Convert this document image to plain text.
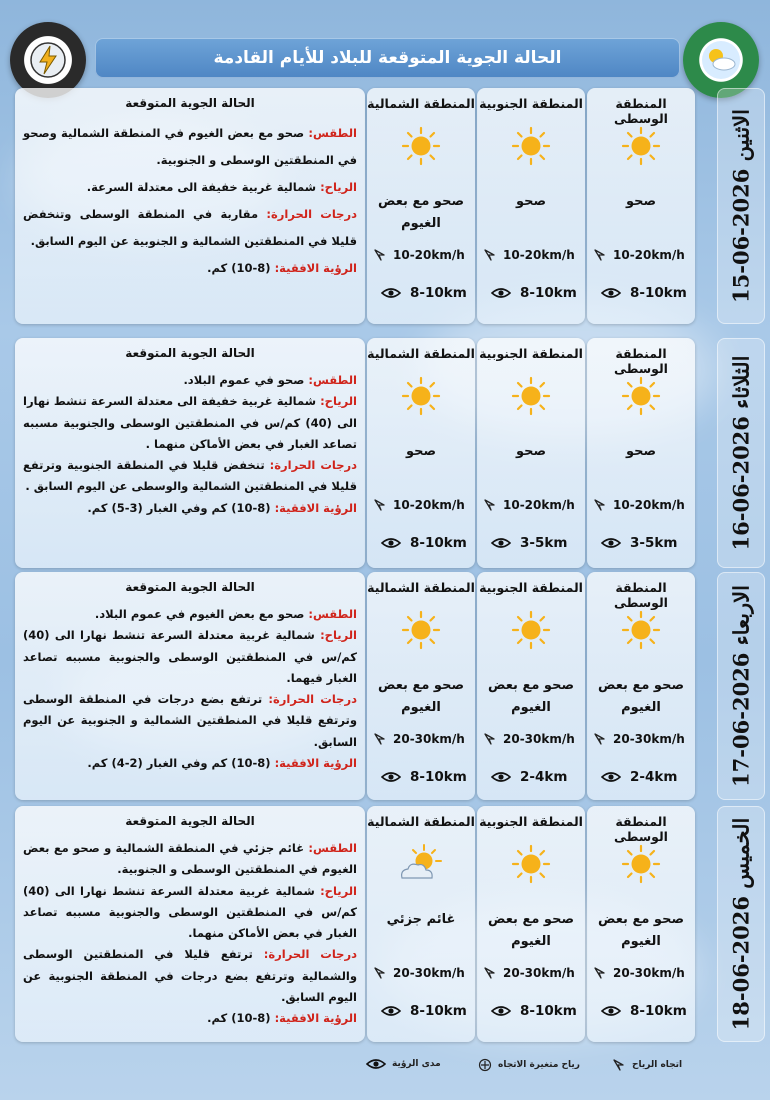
الحالة الجوية المتوقعة للبلاد للأيام القادمة
الحالة الجوية المتوقعة

الطقس: صحو مع بعض الغيوم في المنطقة الشمالية وصحو في المنطقتين الوسطى و الجنوبية.

الرياح: شمالية غربية خفيفة الى معتدلة السرعة.

درجات الحرارة: مقاربة في المنطقة الوسطى وتنخفض قليلا في المنطقتين الشمالية و الجنوبية عن اليوم السابق.

الرؤية الافقية: (8-10) كم.

المنطقة الوسطى
صحو
10-20km/h
8-10km
المنطقة الجنوبية
صحو
10-20km/h
8-10km
المنطقة الشمالية
صحو مع بعض الغيوم
10-20km/h
8-10km	الاثنين 2026-06-15
الحالة الجوية المتوقعة

الطقس: صحو في عموم البلاد.

الرياح: شمالية غربية خفيفة الى معتدلة السرعة تنشط نهارا الى (40) كم/س في المنطقتين الوسطى والجنوبية مسببه تصاعد الغبار في بعض الأماكن منهما .

درجات الحرارة: تنخفض قليلا في المنطقة الجنوبية وترتفع قليلا في المنطقتين الشمالية والوسطى عن اليوم السابق .

الرؤية الافقية: (8-10) كم وفي الغبار (3-5) كم.

المنطقة الوسطى
صحو
10-20km/h
3-5km
المنطقة الجنوبية
صحو
10-20km/h
3-5km
المنطقة الشمالية
صحو
10-20km/h
8-10km	الثلاثاء 2026-06-16
الحالة الجوية المتوقعة

الطقس: صحو مع بعض الغيوم في عموم البلاد.

الرياح: شمالية غربية معتدلة السرعة تنشط نهارا الى (40) كم/س في المنطقتين الوسطى والجنوبية مسببه تصاعد الغبار فيهما.

درجات الحرارة: ترتفع بضع درجات في المنطقة الوسطى وترتفع قليلا في المنطقتين الشمالية و الجنوبية عن اليوم السابق.

الرؤية الافقية: (8-10) كم وفي الغبار (2-4) كم.

المنطقة الوسطى
صحو مع بعض الغيوم
20-30km/h
2-4km
المنطقة الجنوبية
صحو مع بعض الغيوم
20-30km/h
2-4km
المنطقة الشمالية
صحو مع بعض الغيوم
20-30km/h
8-10km	الاربعاء 2026-06-17
الحالة الجوية المتوقعة

الطقس: غائم جزئي في المنطقة الشمالية و صحو مع بعض الغيوم في المنطقتين الوسطى و الجنوبية.

الرياح: شمالية غربية معتدلة السرعة تنشط نهارا الى (40) كم/س في المنطقتين الوسطى والجنوبية مسببه تصاعد الغبار في بعض الأماكن منهما.

درجات الحرارة: ترتفع قليلا في المنطقتين الوسطى والشمالية وترتفع بضع درجات في المنطقة الجنوبية عن اليوم السابق.

الرؤية الافقية: (8-10) كم.

المنطقة الوسطى
صحو مع بعض الغيوم
20-30km/h
8-10km
المنطقة الجنوبية
صحو مع بعض الغيوم
20-30km/h
8-10km
المنطقة الشمالية
غائم جزئي
20-30km/h
8-10km	الخميس 2026-06-18
اتجاه الرياح
رياح متغيرة الاتجاه
مدى الرؤية
